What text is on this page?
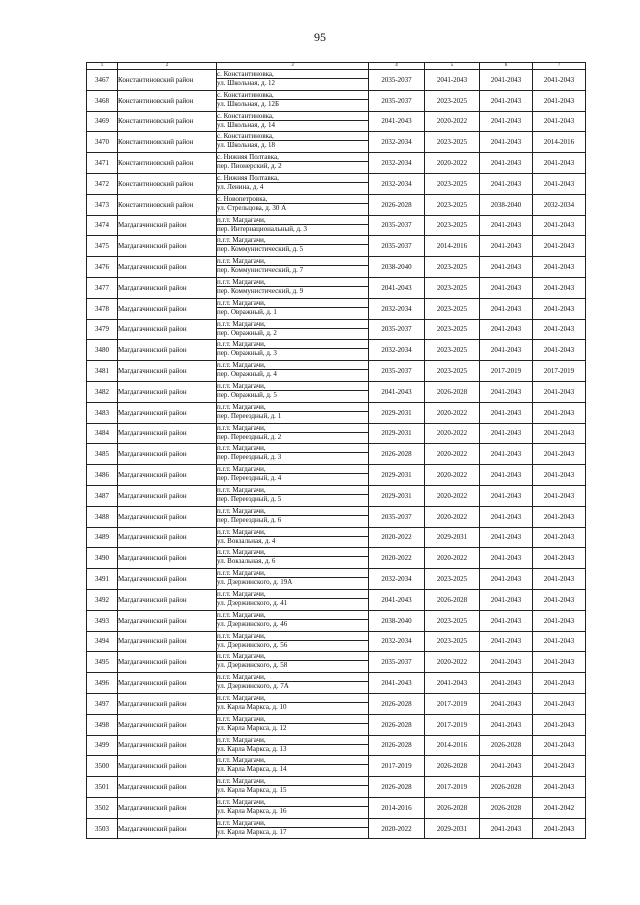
95
1	2	3	4	5	6	7
3467	Константиновский район	с. Константиновка,
ул. Школьная, д. 12	2035-2037	2041-2043	2041-2043	2041-2043
3468	Константиновский район	с. Константиновка,
ул. Школьная, д. 12Б	2035-2037	2023-2025	2041-2043	2041-2043
3469	Константиновский район	с. Константиновка,
ул. Школьная, д. 14	2041-2043	2020-2022	2041-2043	2041-2043
3470	Константиновский район	с. Константиновка,
ул. Школьная, д. 18	2032-2034	2023-2025	2041-2043	2014-2016
3471	Константиновский район	с. Нижняя Полтавка,
пер. Пионерский, д. 2	2032-2034	2020-2022	2041-2043	2041-2043
3472	Константиновский район	с. Нижняя Полтавка,
ул. Ленина, д. 4	2032-2034	2023-2025	2041-2043	2041-2043
3473	Константиновский район	с. Новопетровка,
ул. Стрельцова, д. 30 А	2026-2028	2023-2025	2038-2040	2032-2034
3474	Магдагачинский район	п.г.т. Магдагачи,
пер. Интернациональный, д. 3	2035-2037	2023-2025	2041-2043	2041-2043
3475	Магдагачинский район	п.г.т. Магдагачи,
пер. Коммунистический, д. 5	2035-2037	2014-2016	2041-2043	2041-2043
3476	Магдагачинский район	п.г.т. Магдагачи,
пер. Коммунистический, д. 7	2038-2040	2023-2025	2041-2043	2041-2043
3477	Магдагачинский район	п.г.т. Магдагачи,
пер. Коммунистический, д. 9	2041-2043	2023-2025	2041-2043	2041-2043
3478	Магдагачинский район	п.г.т. Магдагачи,
пер. Овражный, д. 1	2032-2034	2023-2025	2041-2043	2041-2043
3479	Магдагачинский район	п.г.т. Магдагачи,
пер. Овражный, д. 2	2035-2037	2023-2025	2041-2043	2041-2043
3480	Магдагачинский район	п.г.т. Магдагачи,
пер. Овражный, д. 3	2032-2034	2023-2025	2041-2043	2041-2043
3481	Магдагачинский район	п.г.т. Магдагачи,
пер. Овражный, д. 4	2035-2037	2023-2025	2017-2019	2017-2019
3482	Магдагачинский район	п.г.т. Магдагачи,
пер. Овражный, д. 5	2041-2043	2026-2028	2041-2043	2041-2043
3483	Магдагачинский район	п.г.т. Магдагачи,
пер. Переездный, д. 1	2029-2031	2020-2022	2041-2043	2041-2043
3484	Магдагачинский район	п.г.т. Магдагачи,
пер. Переездный, д. 2	2029-2031	2020-2022	2041-2043	2041-2043
3485	Магдагачинский район	п.г.т. Магдагачи,
пер. Переездный, д. 3	2026-2028	2020-2022	2041-2043	2041-2043
3486	Магдагачинский район	п.г.т. Магдагачи,
пер. Переездный, д. 4	2029-2031	2020-2022	2041-2043	2041-2043
3487	Магдагачинский район	п.г.т. Магдагачи,
пер. Переездный, д. 5	2029-2031	2020-2022	2041-2043	2041-2043
3488	Магдагачинский район	п.г.т. Магдагачи,
пер. Переездный, д. 6	2035-2037	2020-2022	2041-2043	2041-2043
3489	Магдагачинский район	п.г.т. Магдагачи,
ул. Вокзальная, д. 4	2020-2022	2029-2031	2041-2043	2041-2043
3490	Магдагачинский район	п.г.т. Магдагачи,
ул. Вокзальная, д. 6	2020-2022	2020-2022	2041-2043	2041-2043
3491	Магдагачинский район	п.г.т. Магдагачи,
ул. Дзержинского, д. 19А	2032-2034	2023-2025	2041-2043	2041-2043
3492	Магдагачинский район	п.г.т. Магдагачи,
ул. Дзержинского, д. 41	2041-2043	2026-2028	2041-2043	2041-2043
3493	Магдагачинский район	п.г.т. Магдагачи,
ул. Дзержинского, д. 46	2038-2040	2023-2025	2041-2043	2041-2043
3494	Магдагачинский район	п.г.т. Магдагачи,
ул. Дзержинского, д. 56	2032-2034	2023-2025	2041-2043	2041-2043
3495	Магдагачинский район	п.г.т. Магдагачи,
ул. Дзержинского, д. 58	2035-2037	2020-2022	2041-2043	2041-2043
3496	Магдагачинский район	п.г.т. Магдагачи,
ул. Дзержинского, д. 7А	2041-2043	2041-2043	2041-2043	2041-2043
3497	Магдагачинский район	п.г.т. Магдагачи,
ул. Карла Маркса, д. 10	2026-2028	2017-2019	2041-2043	2041-2043
3498	Магдагачинский район	п.г.т. Магдагачи,
ул. Карла Маркса, д. 12	2026-2028	2017-2019	2041-2043	2041-2043
3499	Магдагачинский район	п.г.т. Магдагачи,
ул. Карла Маркса, д. 13	2026-2028	2014-2016	2026-2028	2041-2043
3500	Магдагачинский район	п.г.т. Магдагачи,
ул. Карла Маркса, д. 14	2017-2019	2026-2028	2041-2043	2041-2043
3501	Магдагачинский район	п.г.т. Магдагачи,
ул. Карла Маркса, д. 15	2026-2028	2017-2019	2026-2028	2041-2043
3502	Магдагачинский район	п.г.т. Магдагачи,
ул. Карла Маркса, д. 16	2014-2016	2026-2028	2026-2028	2041-2042
3503	Магдагачинский район	п.г.т. Магдагачи,
ул. Карла Маркса, д. 17	2020-2022	2029-2031	2041-2043	2041-2043
